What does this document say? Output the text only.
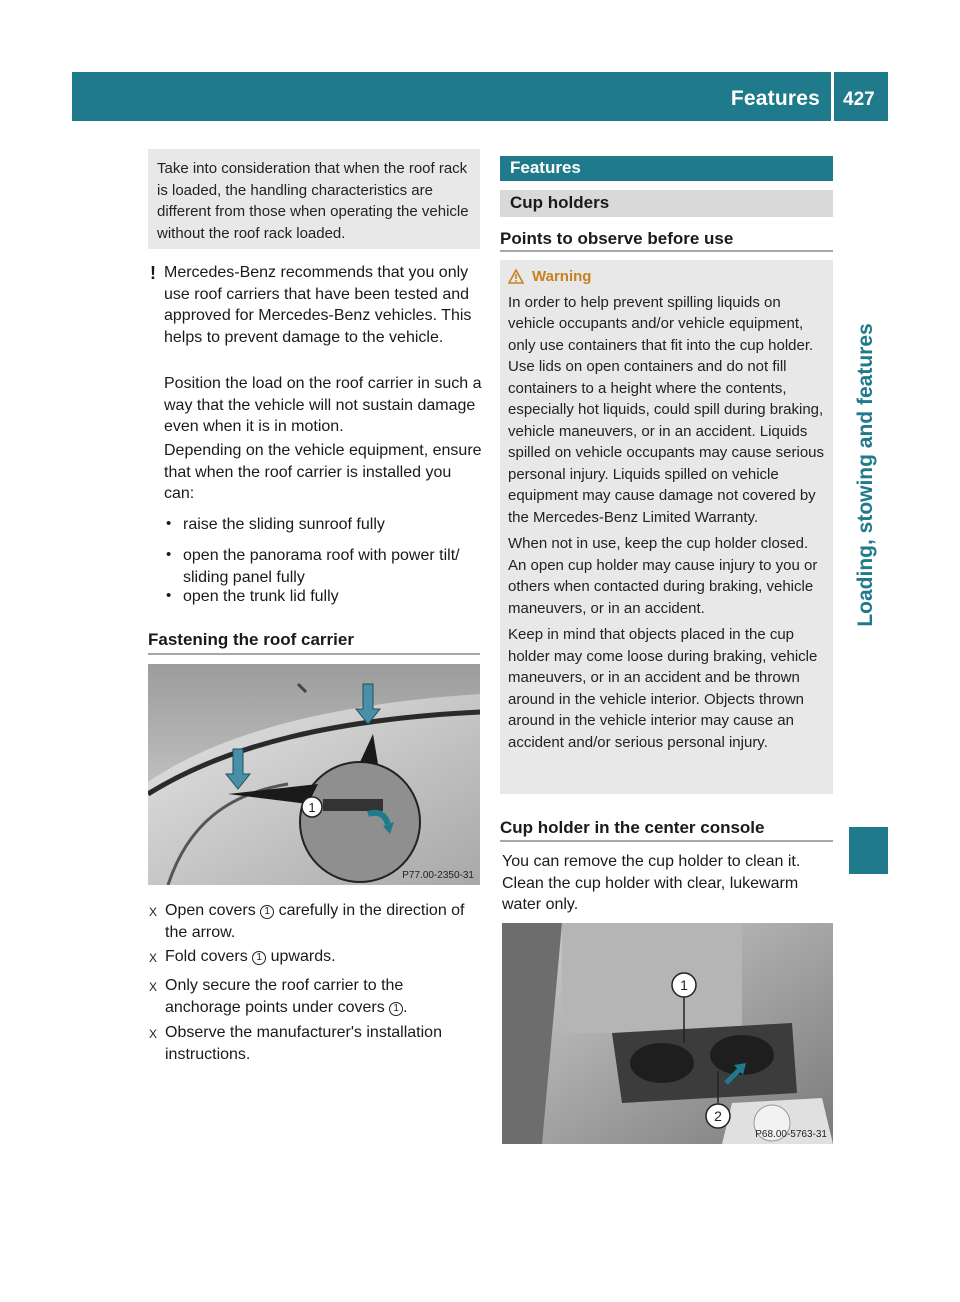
Features 427
Loading, stowing and features
Take into consideration that when the roof rack is loaded, the handling characteristics are different from those when operating the vehicle without the roof rack loaded.
! Mercedes-Benz recommends that you only use roof carriers that have been tested and approved for Mercedes-Benz vehicles. This helps to prevent damage to the vehicle.
Position the load on the roof carrier in such a way that the vehicle will not sustain damage even when it is in motion.
Depending on the vehicle equipment, ensure that when the roof carrier is installed you can:
• raise the sliding sunroof fully
• open the panorama roof with power tilt/ sliding panel fully
• open the trunk lid fully
Fastening the roof carrier
1
P77.00-2350-31
X Open covers 1 carefully in the direction of the arrow.
X Fold covers 1 upwards.
X Only secure the roof carrier to the anchorage points under covers 1 .
X Observe the manufacturer's installation instructions.
Features
Cup holders
Points to observe before use
Warning

In order to help prevent spilling liquids on vehicle occupants and/or vehicle equipment, only use containers that fit into the cup holder. Use lids on open containers and do not fill containers to a height where the contents, especially hot liquids, could spill during braking, vehicle maneuvers, or in an accident. Liquids spilled on vehicle occupants may cause serious personal injury. Liquids spilled on vehicle equipment may cause damage not covered by the Mercedes-Benz Limited Warranty.

When not in use, keep the cup holder closed. An open cup holder may cause injury to you or others when contacted during braking, vehicle maneuvers, or in an accident.

Keep in mind that objects placed in the cup holder may come loose during braking, vehicle maneuvers, or in an accident and be thrown around in the vehicle interior. Objects thrown around in the vehicle interior may cause an accident and/or serious personal injury.

Cup holder in the center console
You can remove the cup holder to clean it. Clean the cup holder with clear, lukewarm water only.
1
2
P68.00-5763-31
